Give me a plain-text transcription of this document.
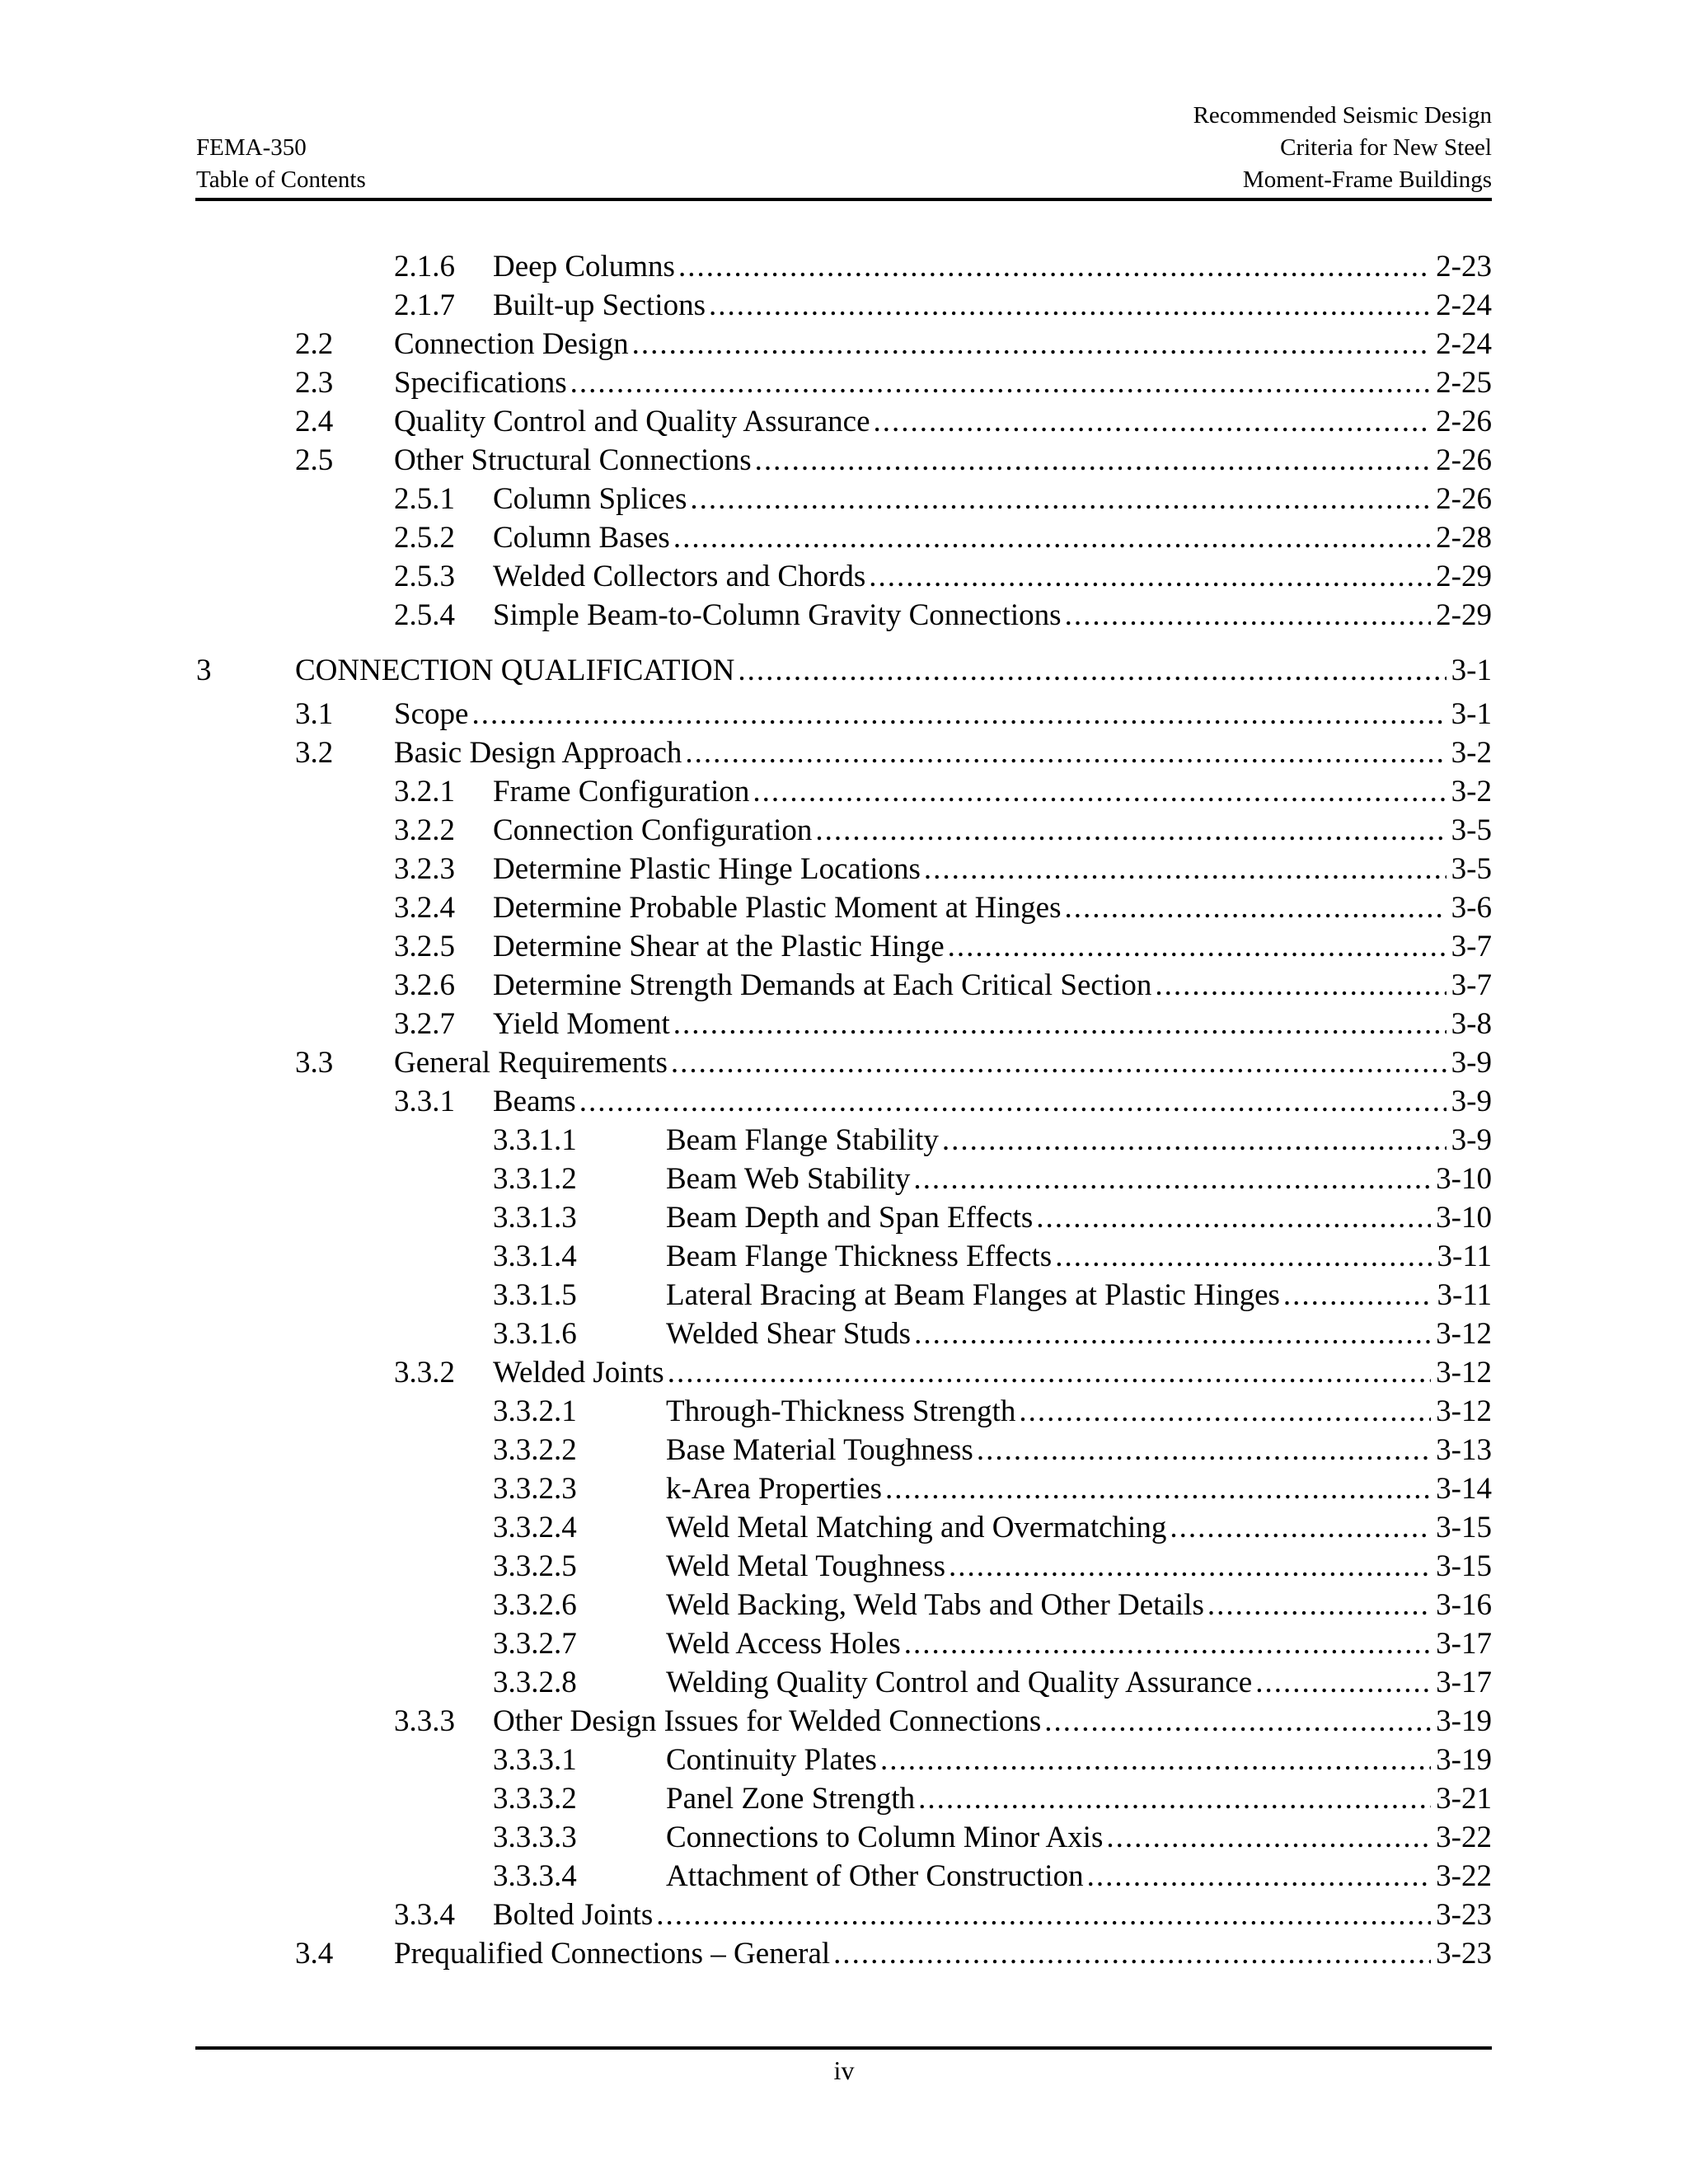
FEMA-350
Table of Contents
Recommended Seismic Design
Criteria for New Steel
Moment-Frame Buildings
2.1.6	Deep Columns .....	2-23
2.1.7	Built-up Sections .....	2-24
2.2	Connection Design .....	2-24
2.3	Specifications .....	2-25
2.4	Quality Control and Quality Assurance .....	2-26
2.5	Other Structural Connections .....	2-26
2.5.1	Column Splices .....	2-26
2.5.2	Column Bases .....	2-28
2.5.3	Welded Collectors and Chords .....	2-29
2.5.4	Simple Beam-to-Column Gravity Connections .....	2-29
3	CONNECTION QUALIFICATION .....	3-1
3.1	Scope .....	3-1
3.2	Basic Design Approach .....	3-2
3.2.1	Frame Configuration .....	3-2
3.2.2	Connection Configuration .....	3-5
3.2.3	Determine Plastic Hinge Locations .....	3-5
3.2.4	Determine Probable Plastic Moment at Hinges .....	3-6
3.2.5	Determine Shear at the Plastic Hinge .....	3-7
3.2.6	Determine Strength Demands at Each Critical Section .....	3-7
3.2.7	Yield Moment .....	3-8
3.3	General Requirements .....	3-9
3.3.1	Beams .....	3-9
3.3.1.1	Beam Flange Stability .....	3-9
3.3.1.2	Beam Web Stability .....	3-10
3.3.1.3	Beam Depth and Span Effects .....	3-10
3.3.1.4	Beam Flange Thickness Effects .....	3-11
3.3.1.5	Lateral Bracing at Beam Flanges at Plastic Hinges .....	3-11
3.3.1.6	Welded Shear Studs .....	3-12
3.3.2	Welded Joints .....	3-12
3.3.2.1	Through-Thickness Strength .....	3-12
3.3.2.2	Base Material Toughness .....	3-13
3.3.2.3	k-Area Properties .....	3-14
3.3.2.4	Weld Metal Matching and Overmatching .....	3-15
3.3.2.5	Weld Metal Toughness .....	3-15
3.3.2.6	Weld Backing, Weld Tabs and Other Details .....	3-16
3.3.2.7	Weld Access Holes .....	3-17
3.3.2.8	Welding Quality Control and Quality Assurance .....	3-17
3.3.3	Other Design Issues for Welded Connections .....	3-19
3.3.3.1	Continuity Plates .....	3-19
3.3.3.2	Panel Zone Strength .....	3-21
3.3.3.3	Connections to Column Minor Axis .....	3-22
3.3.3.4	Attachment of Other Construction .....	3-22
3.3.4	Bolted Joints .....	3-23
3.4	Prequalified Connections – General .....	3-23
iv
